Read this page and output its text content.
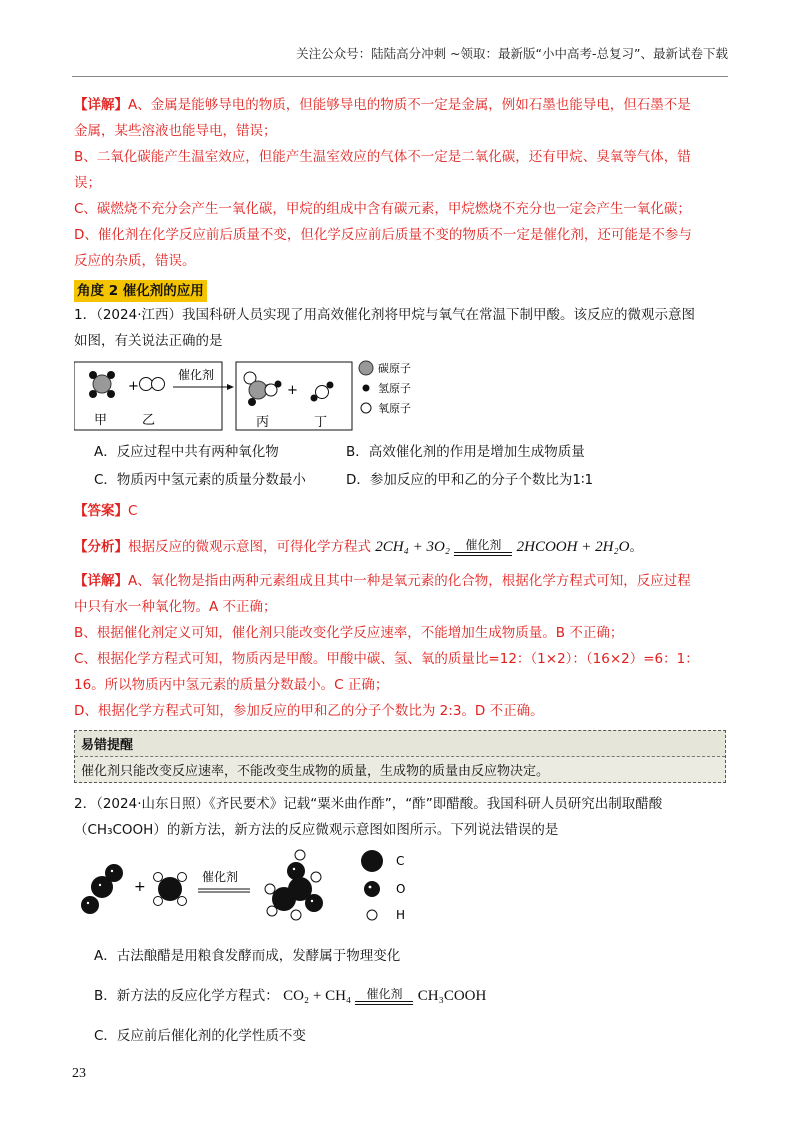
关注公众号：陆陆高分冲刺 ~领取：最新版“小中高考-总复习”、最新试卷下载

【详解】A、金属是能够导电的物质，但能够导电的物质不一定是金属，例如石墨也能导电，但石墨不是

金属，某些溶液也能导电，错误；

B、二氧化碳能产生温室效应，但能产生温室效应的气体不一定是二氧化碳，还有甲烷、臭氧等气体，错

误；

C、碳燃烧不充分会产生一氧化碳，甲烷的组成中含有碳元素，甲烷燃烧不充分也一定会产生一氧化碳；

D、催化剂在化学反应前后质量不变，但化学反应前后质量不变的物质不一定是催化剂，还可能是不参与

反应的杂质，错误。

角度 2 催化剂的应用

1．（2024·江西）我国科研人员实现了用高效催化剂将甲烷与氧气在常温下制甲酸。该反应的微观示意图

如图，有关说法正确的是

+
甲	乙
催化剂
+
丙	丁
碳原子
氢原子
氧原子
A．反应过程中共有两种氧化物	B．高效催化剂的作用是增加生成物质量
C．物质丙中氢元素的质量分数最小	D．参加反应的甲和乙的分子个数比为1∶1

【答案】C

【分析】根据反应的微观示意图，可得化学方程式 2CH₄ + 3O₂	催化剂	2HCOOH + 2H₂O。

【详解】A、氧化物是指由两种元素组成且其中一种是氧元素的化合物，根据化学方程式可知，反应过程

中只有水一种氧化物。A 不正确；

B、根据催化剂定义可知，催化剂只能改变化学反应速率，不能增加生成物质量。B 不正确；

C、根据化学方程式可知，物质丙是甲酸。甲酸中碳、氢、氧的质量比=12：（1×2）：（16×2）=6：1：

16。所以物质丙中氢元素的质量分数最小。C 正确；

D、根据化学方程式可知，参加反应的甲和乙的分子个数比为 2:3。D 不正确。

易错提醒
催化剂只能改变反应速率，不能改变生成物的质量，生成物的质量由反应物决定。

2．（2024·山东日照）《齐民要术》记载“粟米曲作酢”，“酢”即醋酸。我国科研人员研究出制取醋酸

（CH₃COOH）的新方法，新方法的反应微观示意图如图所示。下列说法错误的是

+
催化剂
C
O
H

A．古法酿醋是用粮食发酵而成，发酵属于物理变化

B．新方法的反应化学方程式： CO₂ + CH₄	催化剂	CH₃COOH

C．反应前后催化剂的化学性质不变

23
